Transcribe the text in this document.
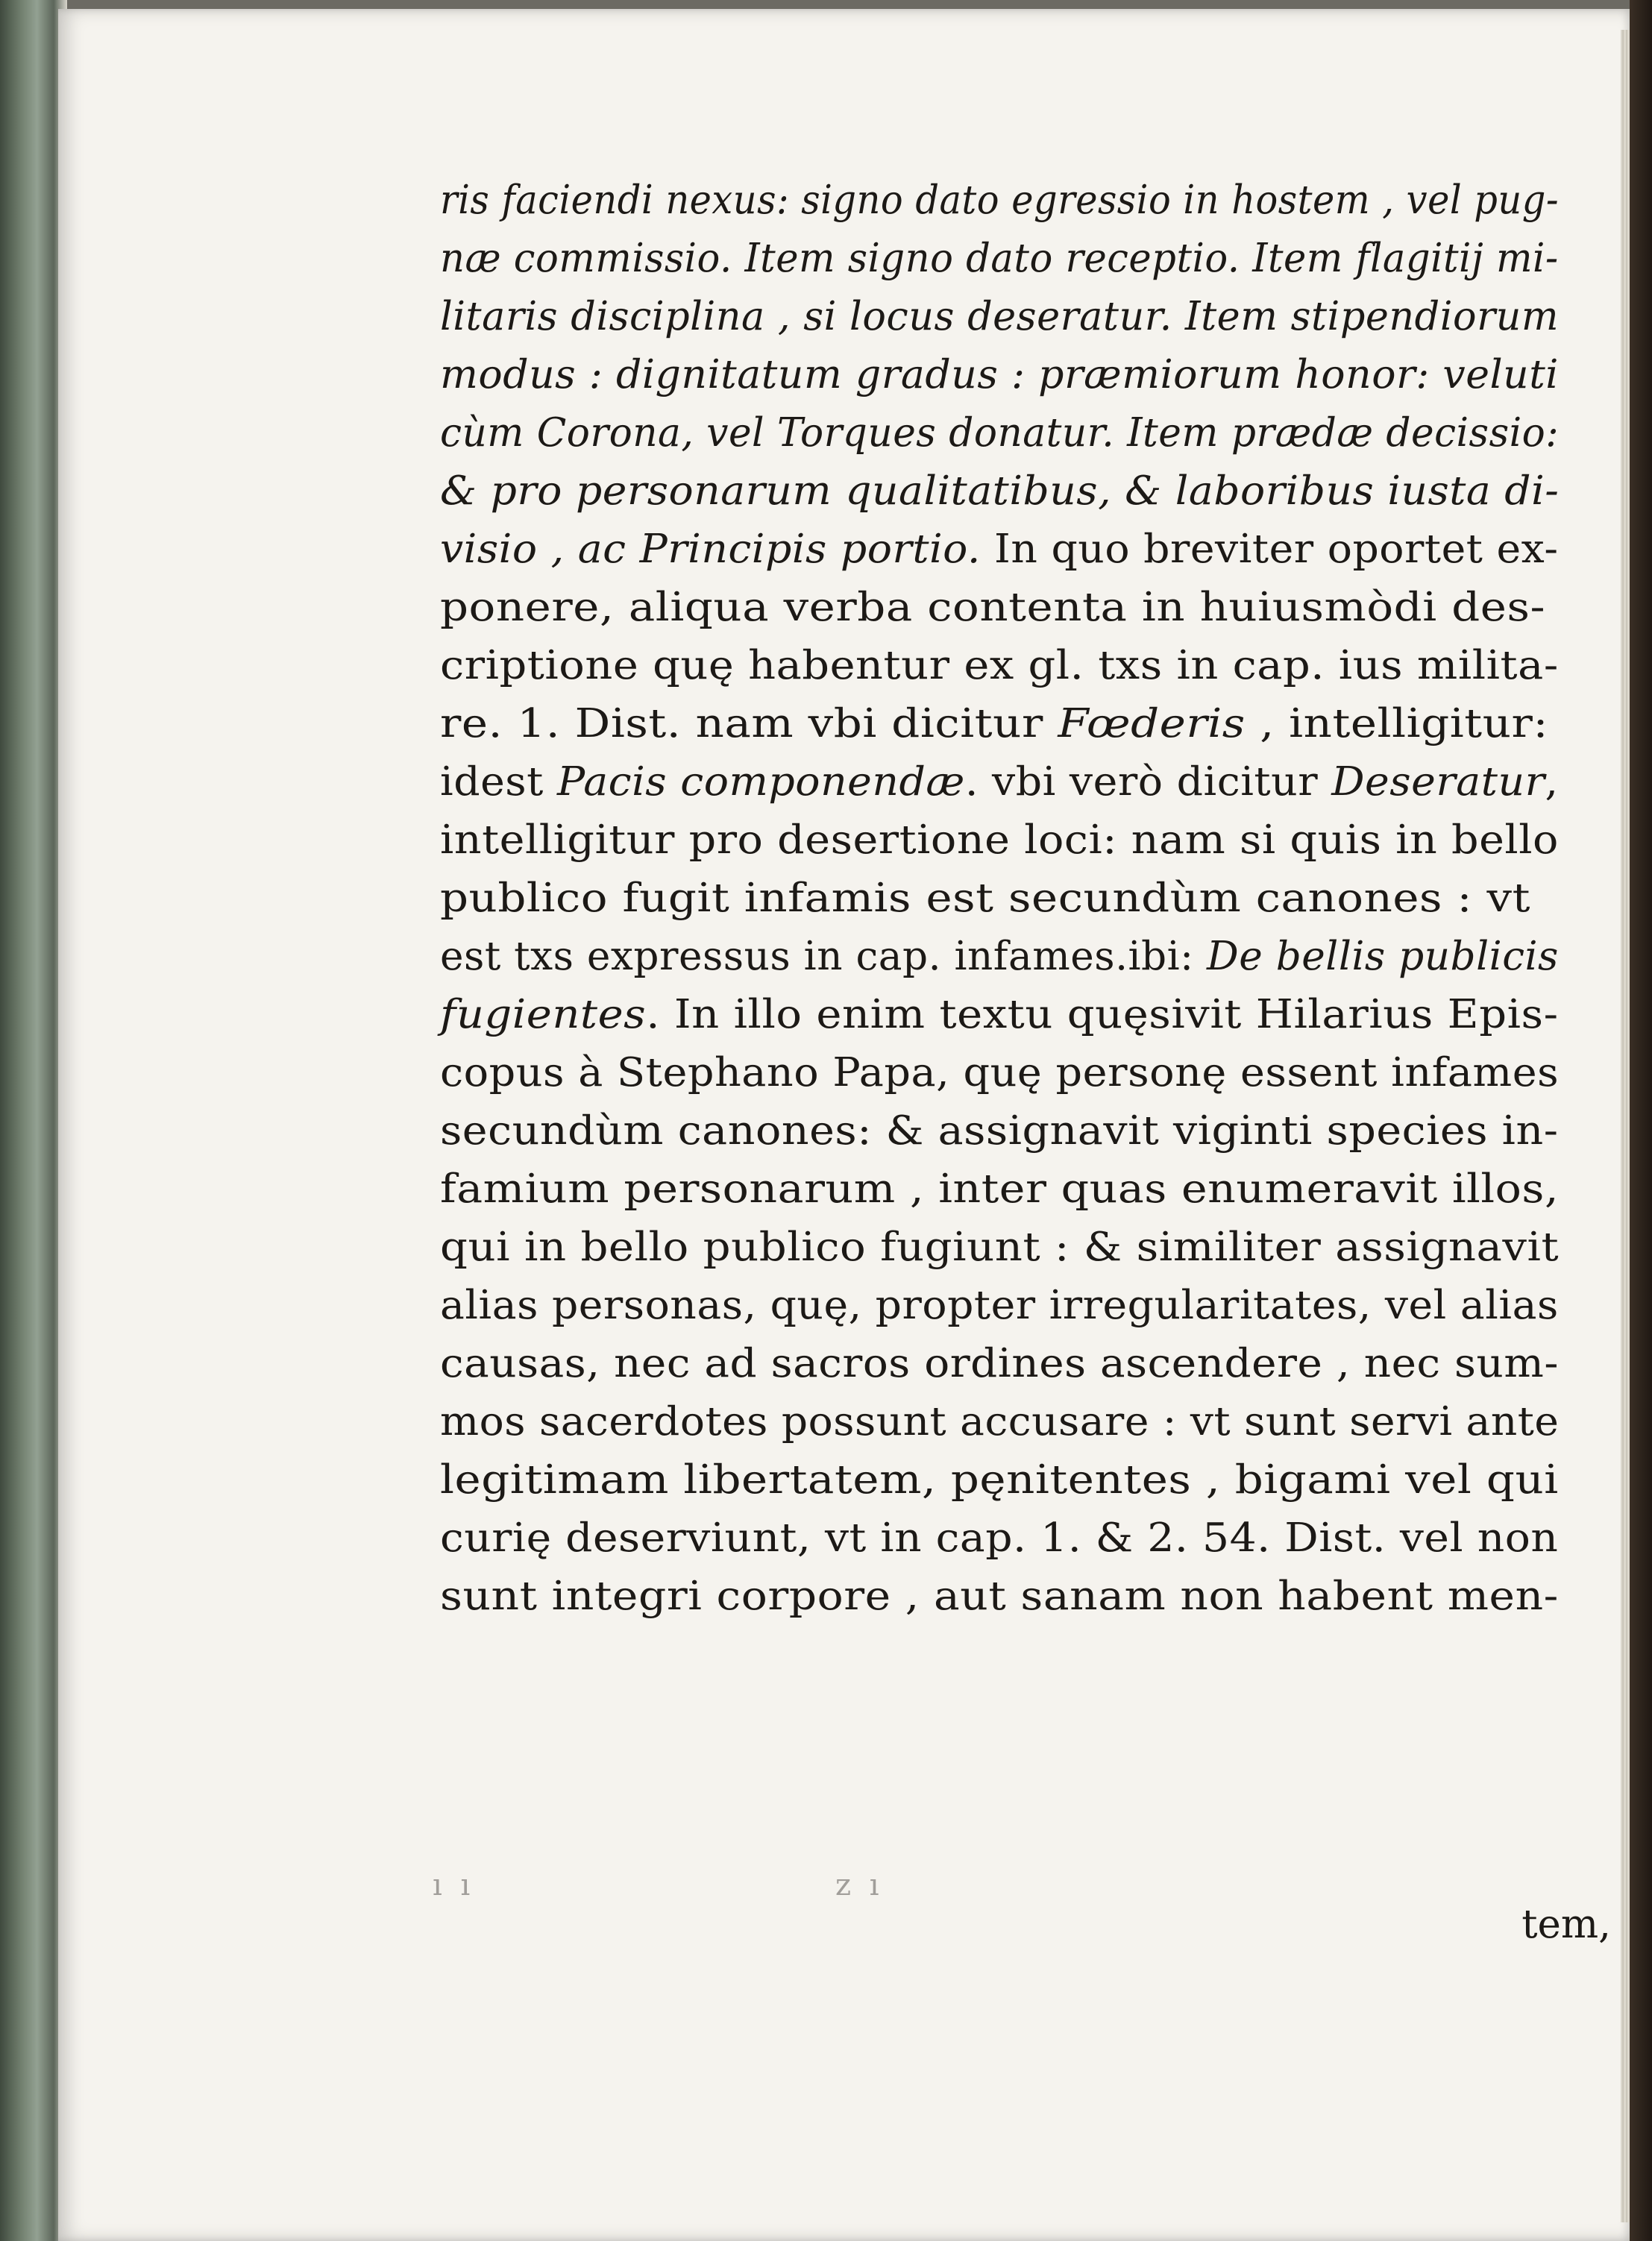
ris faciendi nexus: signo dato egressio in hostem , vel pug-
næ commissio. Item signo dato receptio. Item flagitij mi-
litaris disciplina , si locus deseratur. Item stipendiorum
modus : dignitatum gradus : præmiorum honor: veluti
cùm Corona, vel Torques donatur. Item prædæ decissio:
& pro personarum qualitatibus, & laboribus iusta di-
visio , ac Principis portio. In quo breviter oportet ex-
ponere, aliqua verba contenta in huiusmòdi des-
criptione quę habentur ex gl. txs in cap. ius milita-
re. 1. Dist. nam vbi dicitur Fœderis , intelligitur:
idest Pacis componendæ. vbi verò dicitur Deseratur,
intelligitur pro desertione loci: nam si quis in bello
publico fugit infamis est secundùm canones : vt
est txs expressus in cap. infames.ibi: De bellis publicis
fugientes. In illo enim textu quęsivit Hilarius Epis-
copus à Stephano Papa, quę personę essent infames
secundùm canones: & assignavit viginti species in-
famium personarum , inter quas enumeravit illos,
qui in bello publico fugiunt : & similiter assignavit
alias personas, quę, propter irregularitates, vel alias
causas, nec ad sacros ordines ascendere , nec sum-
mos sacerdotes possunt accusare : vt sunt servi ante
legitimam libertatem, pęnitentes , bigami vel qui
curię deserviunt, vt in cap. 1. & 2. 54. Dist. vel non
sunt integri corpore , aut sanam non habent men-
ı ı	z ı
tem,
